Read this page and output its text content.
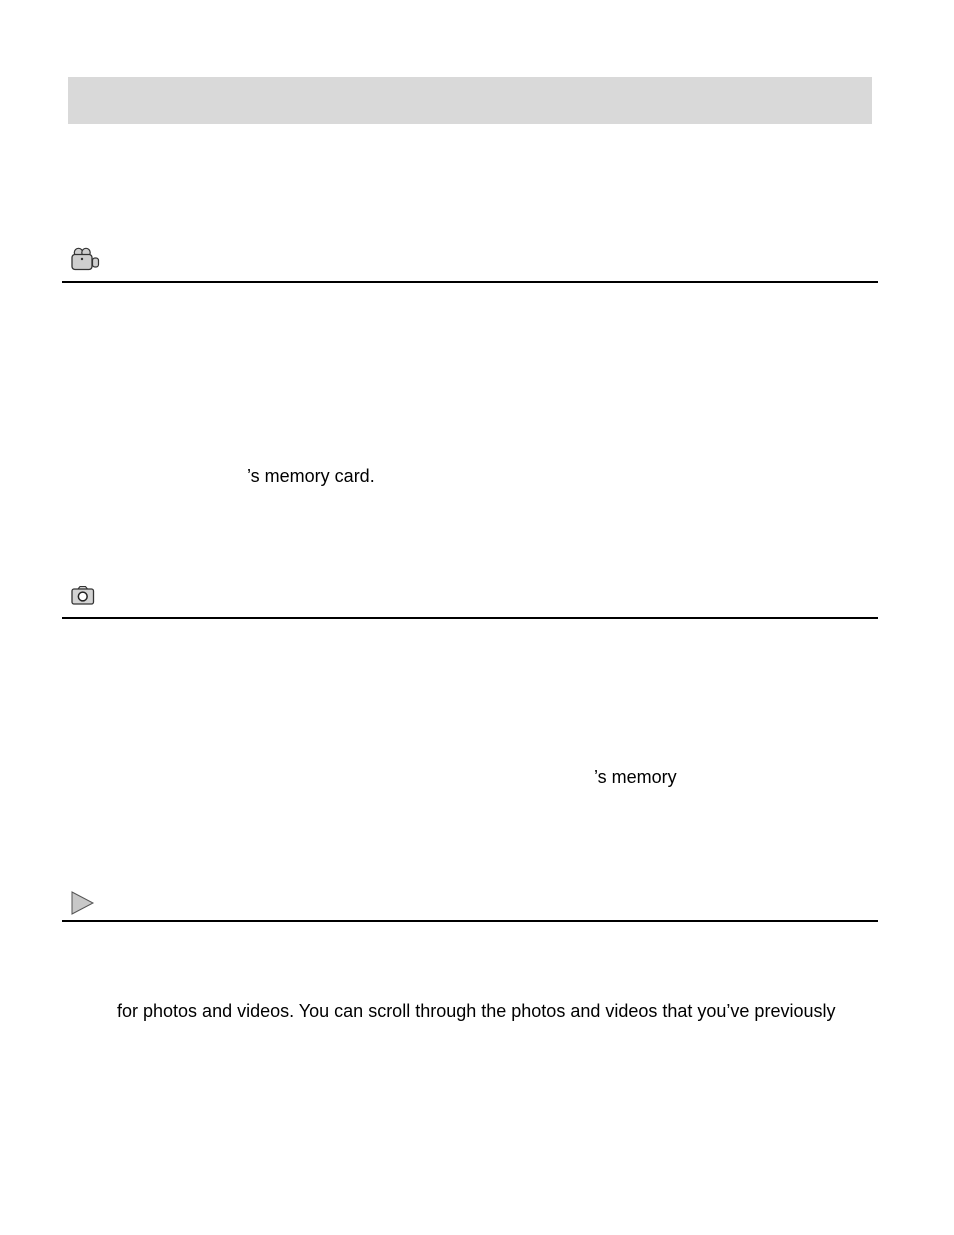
’s memory card.
’s memory
for photos and videos. You can scroll through the photos and videos that you’ve previously
